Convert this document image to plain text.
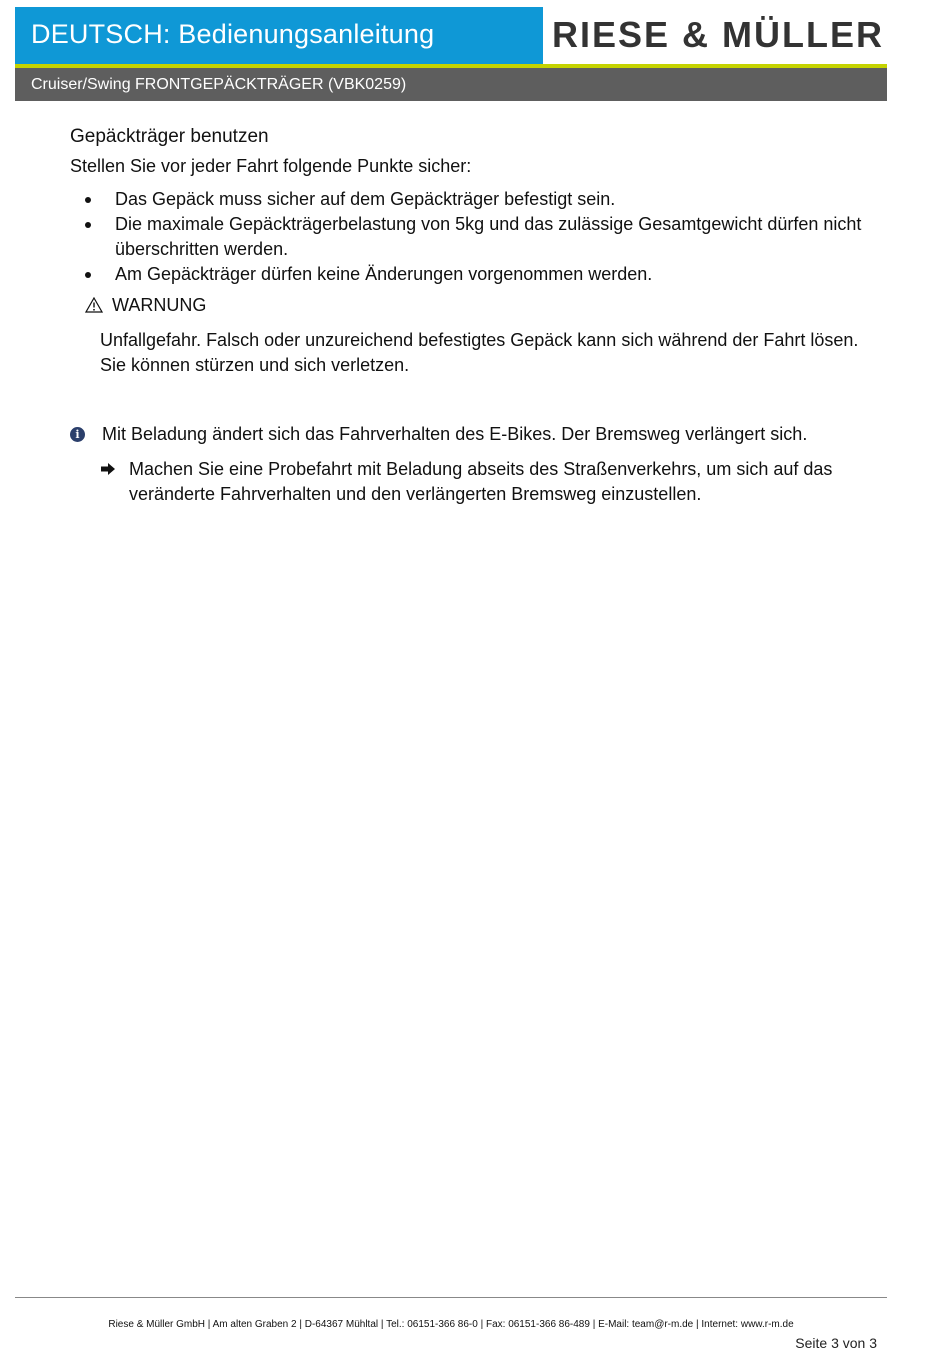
DEUTSCH: Bedienungsanleitung	RIESE & MÜLLER
Cruiser/Swing FRONTGEPÄCKTRÄGER (VBK0259)

Gepäckträger benutzen

Stellen Sie vor jeder Fahrt folgende Punkte sicher:

Das Gepäck muss sicher auf dem Gepäckträger befestigt sein.
Die maximale Gepäckträgerbelastung von 5kg und das zulässige Gesamtgewicht dürfen nicht überschritten werden.
Am Gepäckträger dürfen keine Änderungen vorgenommen werden.
WARNUNG

Unfallgefahr. Falsch oder unzureichend befestigtes Gepäck kann sich während der Fahrt lösen. Sie können stürzen und sich verletzen.

i	Mit Beladung ändert sich das Fahrverhalten des E-Bikes. Der Bremsweg verlängert sich.
Machen Sie eine Probefahrt mit Beladung abseits des Straßenverkehrs, um sich auf das veränderte Fahrverhalten und den verlängerten Bremsweg einzustellen.
Riese & Müller GmbH | Am alten Graben 2 | D-64367 Mühltal | Tel.: 06151-366 86-0 | Fax: 06151-366 86-489 | E-Mail: team@r-m.de | Internet: www.r-m.de
Seite 3 von 3
